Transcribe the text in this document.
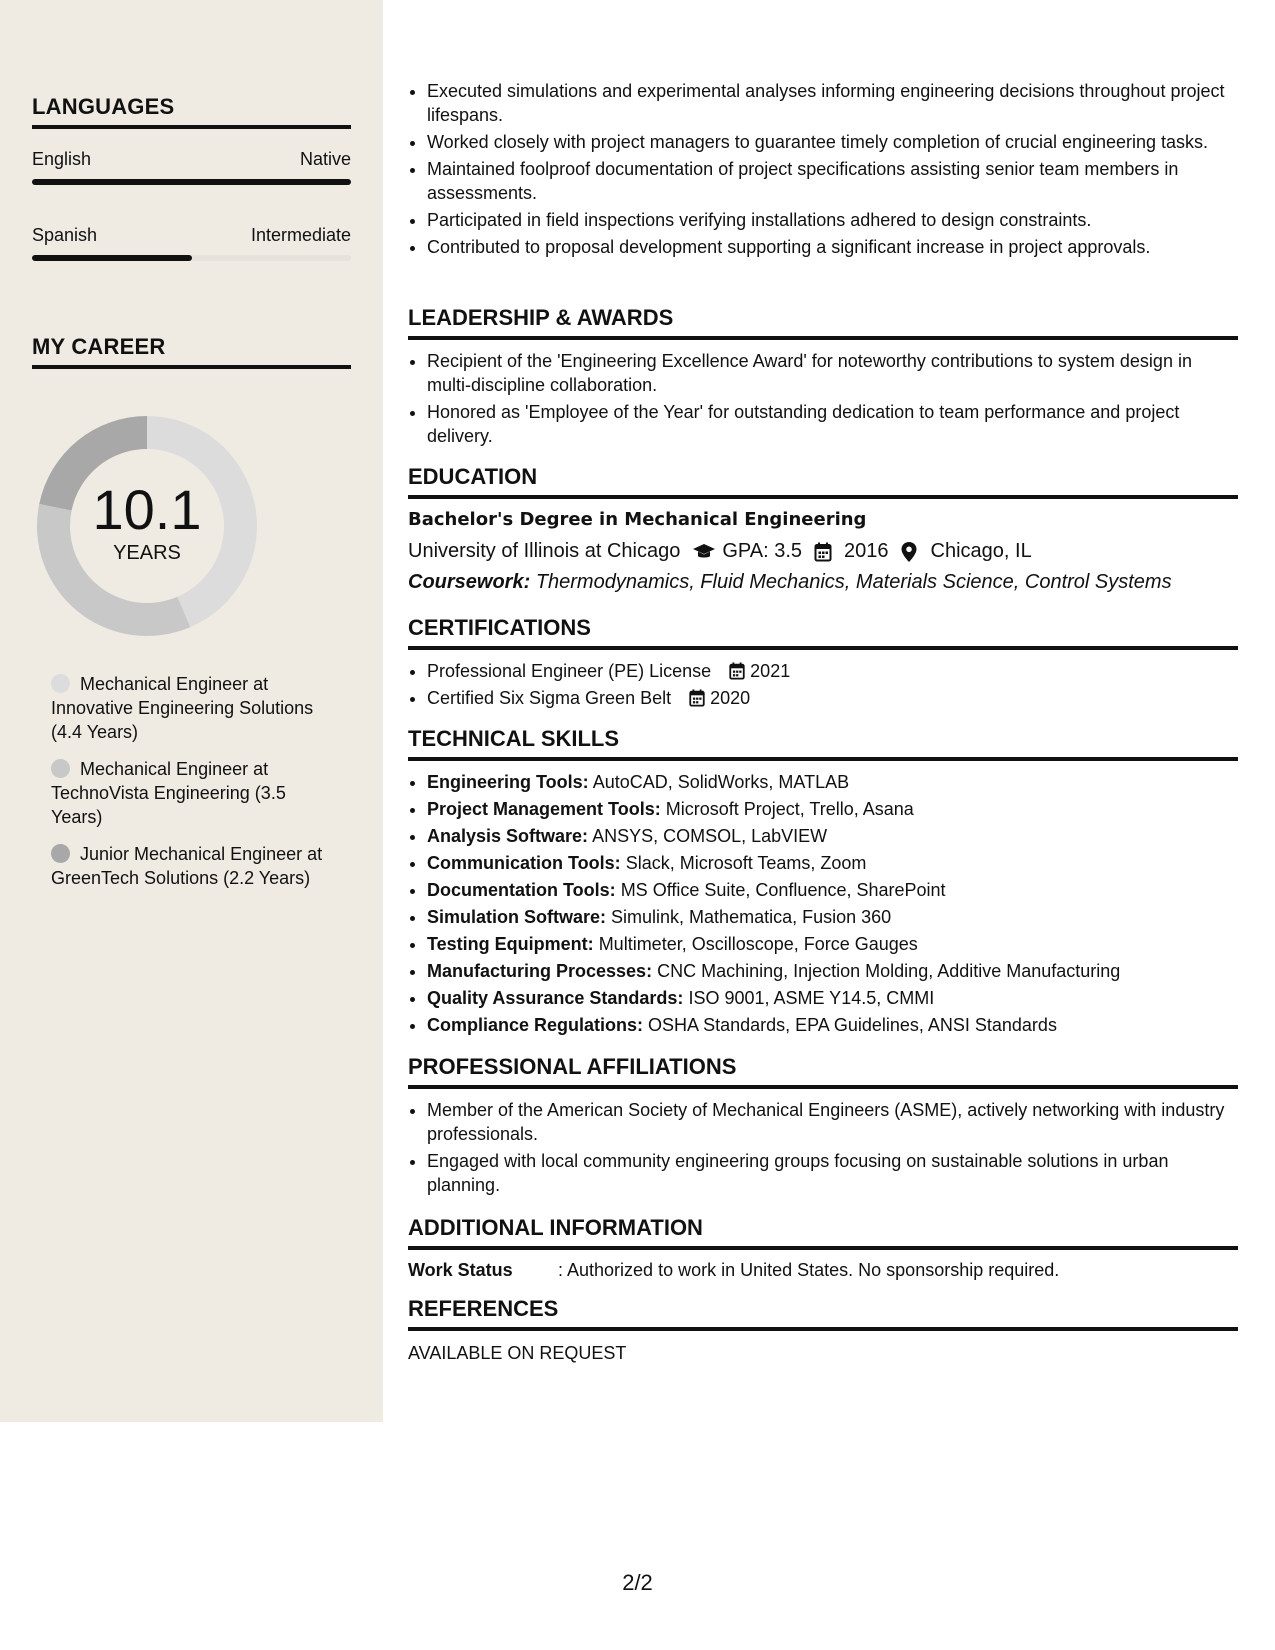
LANGUAGES
English	Native
Spanish	Intermediate
MY CAREER
10.1
YEARS
Mechanical Engineer at Innovative Engineering Solutions (4.4 Years)
Mechanical Engineer at TechnoVista Engineering (3.5 Years)
Junior Mechanical Engineer at GreenTech Solutions (2.2 Years)
• Executed simulations and experimental analyses informing engineering decisions throughout project lifespans.
• Worked closely with project managers to guarantee timely completion of crucial engineering tasks.
• Maintained foolproof documentation of project specifications assisting senior team members in assessments.
• Participated in field inspections verifying installations adhered to design constraints.
• Contributed to proposal development supporting a significant increase in project approvals.
LEADERSHIP & AWARDS
• Recipient of the 'Engineering Excellence Award' for noteworthy contributions to system design in multi-discipline collaboration.
• Honored as 'Employee of the Year' for outstanding dedication to team performance and project delivery.
EDUCATION
Bachelor's Degree in Mechanical Engineering
University of Illinois at Chicago GPA: 3.5 2016 Chicago, IL
Coursework: Thermodynamics, Fluid Mechanics, Materials Science, Control Systems
CERTIFICATIONS
• Professional Engineer (PE) License 2021
• Certified Six Sigma Green Belt 2020
TECHNICAL SKILLS
• Engineering Tools: AutoCAD, SolidWorks, MATLAB
• Project Management Tools: Microsoft Project, Trello, Asana
• Analysis Software: ANSYS, COMSOL, LabVIEW
• Communication Tools: Slack, Microsoft Teams, Zoom
• Documentation Tools: MS Office Suite, Confluence, SharePoint
• Simulation Software: Simulink, Mathematica, Fusion 360
• Testing Equipment: Multimeter, Oscilloscope, Force Gauges
• Manufacturing Processes: CNC Machining, Injection Molding, Additive Manufacturing
• Quality Assurance Standards: ISO 9001, ASME Y14.5, CMMI
• Compliance Regulations: OSHA Standards, EPA Guidelines, ANSI Standards
PROFESSIONAL AFFILIATIONS
• Member of the American Society of Mechanical Engineers (ASME), actively networking with industry professionals.
• Engaged with local community engineering groups focusing on sustainable solutions in urban planning.
ADDITIONAL INFORMATION
Work Status	: Authorized to work in United States. No sponsorship required.
REFERENCES
AVAILABLE ON REQUEST
2/2
